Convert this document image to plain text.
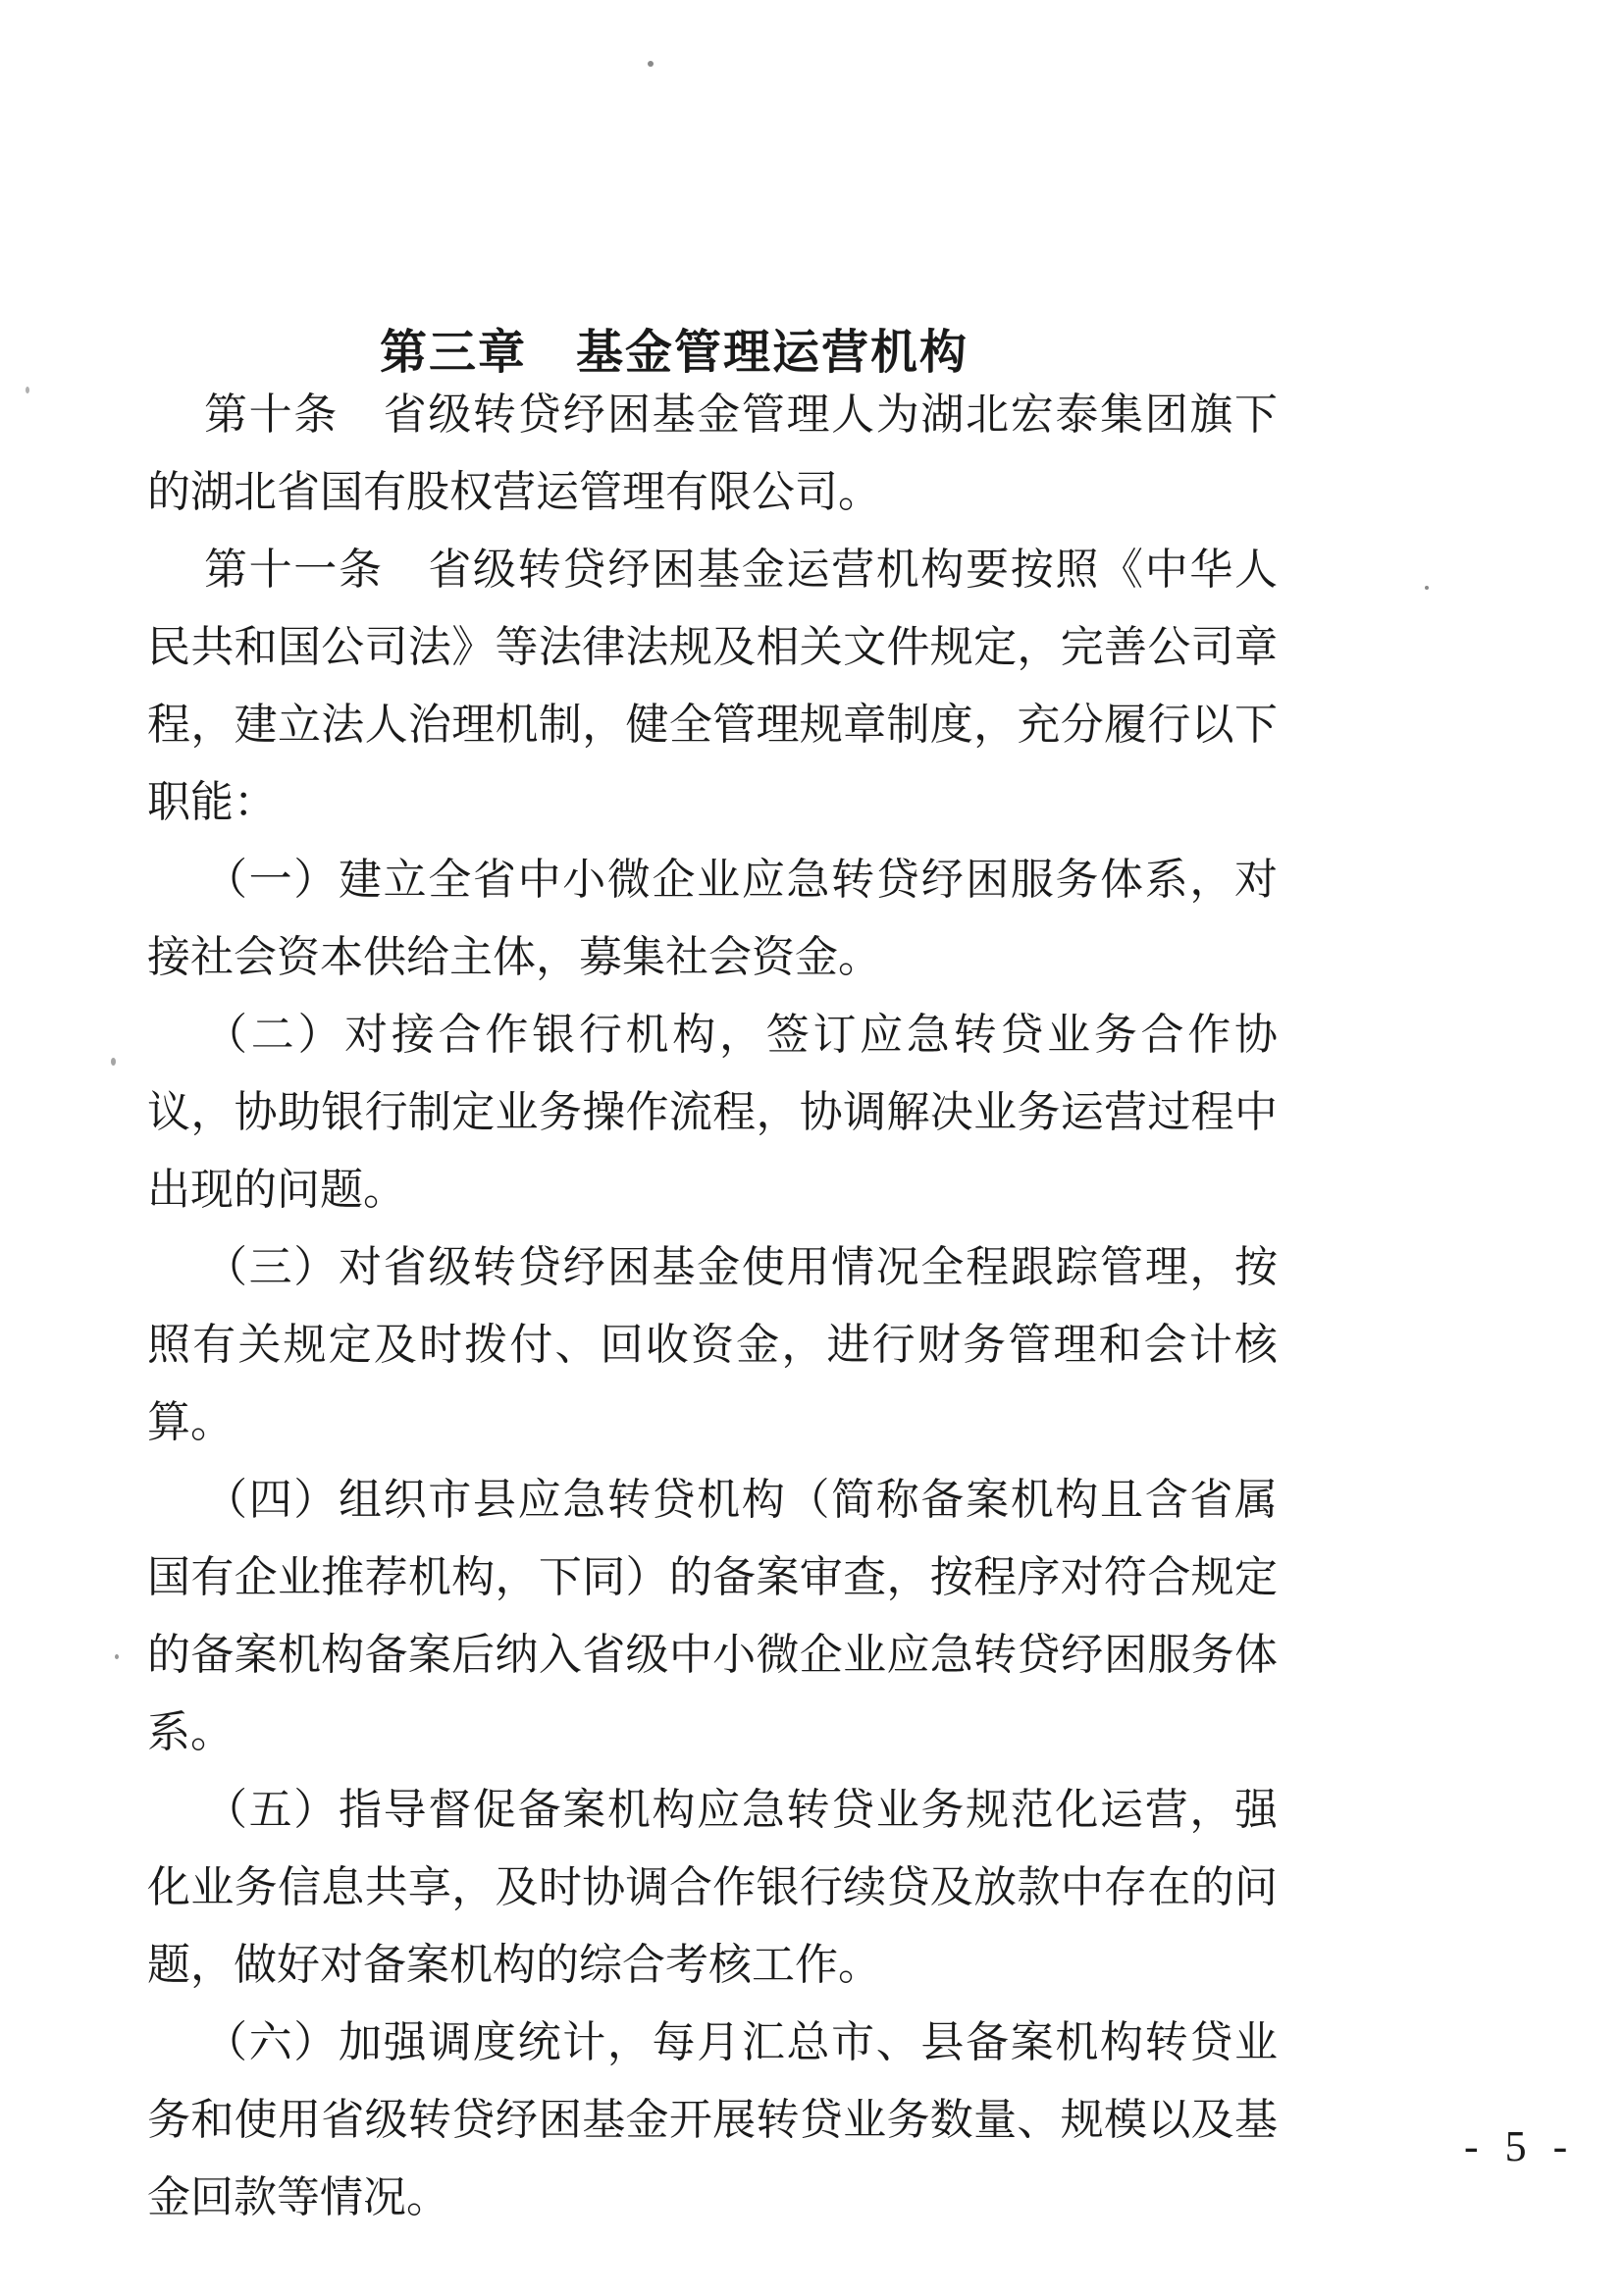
第三章　基金管理运营机构

第十条　省级转贷纾困基金管理人为湖北宏泰集团旗下的湖北省国有股权营运管理有限公司。

第十一条　省级转贷纾困基金运营机构要按照《中华人民共和国公司法》等法律法规及相关文件规定，完善公司章程，建立法人治理机制，健全管理规章制度，充分履行以下职能：

（一）建立全省中小微企业应急转贷纾困服务体系，对接社会资本供给主体，募集社会资金。

（二）对接合作银行机构，签订应急转贷业务合作协议，协助银行制定业务操作流程，协调解决业务运营过程中出现的问题。

（三）对省级转贷纾困基金使用情况全程跟踪管理，按照有关规定及时拨付、回收资金，进行财务管理和会计核算。

（四）组织市县应急转贷机构（简称备案机构且含省属国有企业推荐机构，下同）的备案审查，按程序对符合规定的备案机构备案后纳入省级中小微企业应急转贷纾困服务体系。

（五）指导督促备案机构应急转贷业务规范化运营，强化业务信息共享，及时协调合作银行续贷及放款中存在的问题，做好对备案机构的综合考核工作。

（六）加强调度统计，每月汇总市、县备案机构转贷业务和使用省级转贷纾困基金开展转贷业务数量、规模以及基金回款等情况。

- 5 -
